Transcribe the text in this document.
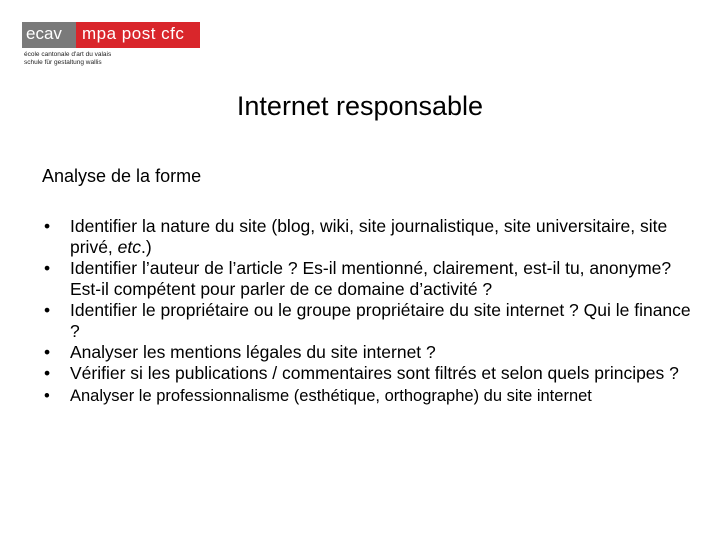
ecav	mpa post cfc
école cantonale d'art du valais
schule für gestaltung wallis
Internet responsable
Analyse de la forme
• Identifier la nature du site (blog, wiki, site journalistique, site universitaire, site privé, etc.)
• Identifier l’auteur de l’article ? Es-il mentionné, clairement, est-il tu, anonyme? Est-il compétent pour parler de ce domaine d’activité ?
• Identifier le propriétaire ou le groupe propriétaire du site internet ? Qui le finance ?
• Analyser les mentions légales du site internet ?
• Vérifier si les publications / commentaires sont filtrés et selon quels principes ?
• Analyser le professionnalisme (esthétique, orthographe) du site internet
